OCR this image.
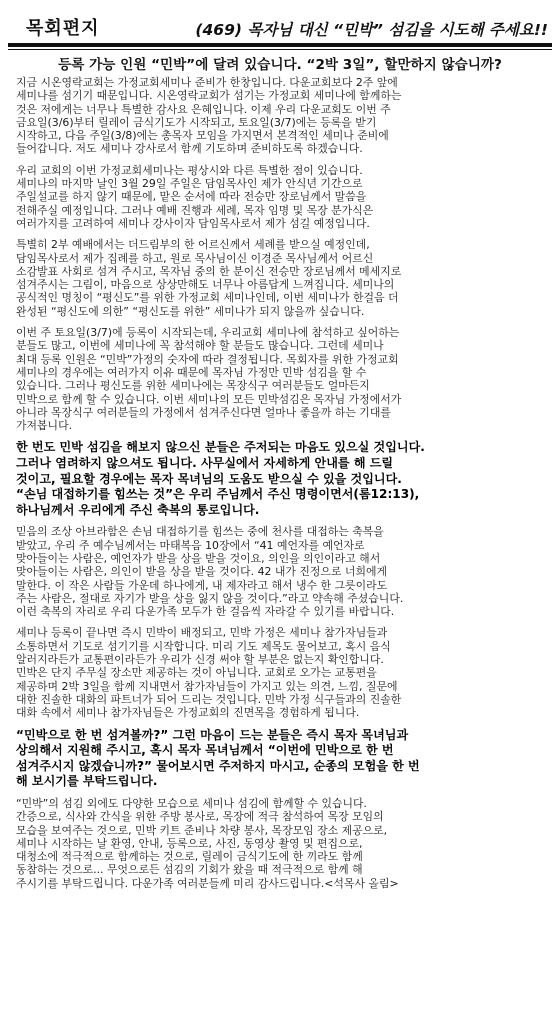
목회편지	(469) 목자님 대신 “민박” 섬김을 시도해 주세요!!
등록 가능 인원 “민박”에 달려 있습니다. “2박 3일”, 할만하지 않습니까?
지금 시온영락교회는 가정교회세미나 준비가 한창입니다. 다운교회보다 2주 앞에
세미나를 섬기기 때문입니다. 시온영락교회가 섬기는 가정교회 세미나에 함께하는
것은 저에게는 너무나 특별한 감사요 은혜입니다. 이제 우리 다운교회도 이번 주
금요일(3/6)부터 릴레이 금식기도가 시작되고, 토요일(3/7)에는 등록을 받기
시작하고, 다음 주일(3/8)에는 총목자 모임을 가지면서 본격적인 세미나 준비에
들어갑니다. 저도 세미나 강사로서 함께 기도하며 준비하도록 하겠습니다.
우리 교회의 이번 가정교회세미나는 평상시와 다른 특별한 점이 있습니다.
세미나의 마지막 날인 3월 29일 주일은 담임목사인 제가 안식년 기간으로
주일설교를 하지 않기 때문에, 맡은 순서에 따라 전승만 장로님께서 말씀을
전해주실 예정입니다. 그러나 예배 진행과 세례, 목자 임명 및 목장 분가식은
여러가지를 고려하여 세미나 강사이자 담임목사로서 제가 섬길 예정입니다.
특별히 2부 예배에서는 더드림부의 한 어르신께서 세례를 받으실 예정인데,
담임목사로서 제가 집례를 하고, 원로 목사님이신 이경준 목사님께서 어르신
소감발표 사회로 섬겨 주시고, 목자님 중의 한 분이신 전승만 장로님께서 메세지로
섬겨주시는 그림이, 마음으로 상상만해도 너무나 아름답게 느껴집니다. 세미나의
공식적인 명칭이 “평신도”를 위한 가정교회 세미나인데, 이번 세미나가 한걸음 더
완성된 “평신도에 의한” “평신도를 위한” 세미나가 되지 않을까 싶습니다.
이번 주 토요일(3/7)에 등록이 시작되는데, 우리교회 세미나에 참석하고 싶어하는
분들도 많고, 이번에 세미나에 꼭 참석해야 할 분들도 많습니다. 그런데 세미나
최대 등록 인원은 “민박”가정의 숫자에 따라 결정됩니다. 목회자를 위한 가정교회
세미나의 경우에는 여러가지 이유 때문에 목자님 가정만 민박 섬김을 할 수
있습니다. 그러나 평신도를 위한 세미나에는 목장식구 여러분들도 얼마든지
민박으로 함께 할 수 있습니다. 이번 세미나의 모든 민박섬김은 목자님 가정에서가
아니라 목장식구 여러분들의 가정에서 섬겨주신다면 얼마나 좋을까 하는 기대를
가져봅니다.
한 번도 민박 섬김을 해보지 않으신 분들은 주저되는 마음도 있으실 것입니다.
그러나 염려하지 않으셔도 됩니다. 사무실에서 자세하게 안내를 해 드릴
것이고, 필요할 경우에는 목자 목녀님의 도움도 받으실 수 있을 것입니다.
“손님 대접하기를 힘쓰는 것”은 우리 주님께서 주신 명령이면서(롬12:13),
하나님께서 우리에게 주신 축복의 통로입니다.
믿음의 조상 아브라함은 손님 대접하기를 힘쓰는 중에 천사를 대접하는 축복을
받았고, 우리 주 예수님께서는 마태복음 10장에서 “41 예언자를 예언자로
맞아들이는 사람은, 예언자가 받을 상을 받을 것이요, 의인을 의인이라고 해서
맞아들이는 사람은, 의인이 받을 상을 받을 것이다. 42 내가 진정으로 너희에게
말한다. 이 작은 사람들 가운데 하나에게, 내 제자라고 해서 냉수 한 그릇이라도
주는 사람은, 절대로 자기가 받을 상을 잃지 않을 것이다.”라고 약속해 주셨습니다.
이런 축복의 자리로 우리 다운가족 모두가 한 걸음씩 자라갈 수 있기를 바랍니다.
세미나 등록이 끝나면 즉시 민박이 배정되고, 민박 가정은 세미나 참가자님들과
소통하면서 기도로 섬기기를 시작합니다. 미리 기도 제목도 물어보고, 혹시 음식
알러지라든가 교통편이라든가 우리가 신경 써야 할 부분은 없는지 확인합니다.
민박은 단지 주무실 장소만 제공하는 것이 아닙니다. 교회로 오가는 교통편을
제공하며 2박 3일을 함께 지내면서 참가자님들이 가지고 있는 의견, 느낌, 질문에
대한 진솔한 대화의 파트너가 되어 드리는 것입니다. 민박 가정 식구들과의 진솔한
대화 속에서 세미나 참가자님들은 가정교회의 진면목을 경험하게 됩니다.
“민박으로 한 번 섬겨볼까?” 그런 마음이 드는 분들은 즉시 목자 목녀님과
상의해서 지원해 주시고, 혹시 목자 목녀님께서 “이번에 민박으로 한 번
섬겨주시지 않겠습니까?” 물어보시면 주저하지 마시고, 순종의 모험을 한 번
해 보시기를 부탁드립니다.
“민박”의 섬김 외에도 다양한 모습으로 세미나 섬김에 함께할 수 있습니다.
간증으로, 식사와 간식을 위한 주방 봉사로, 목장에 적극 참석하여 목장 모임의
모습을 보여주는 것으로, 민박 키트 준비나 차량 봉사, 목장모임 장소 제공으로,
세미나 시작하는 날 환영, 안내, 등록으로, 사진, 동영상 촬영 및 편집으로,
대청소에 적극적으로 함께하는 것으로, 릴레이 금식기도에 한 끼라도 함께
동참하는 것으로... 무엇으로든 섬김의 기회가 왔을 때 적극적으로 함께 해
주시기를 부탁드립니다. 다운가족 여러분들께 미리 감사드립니다.<석목사 올림>
